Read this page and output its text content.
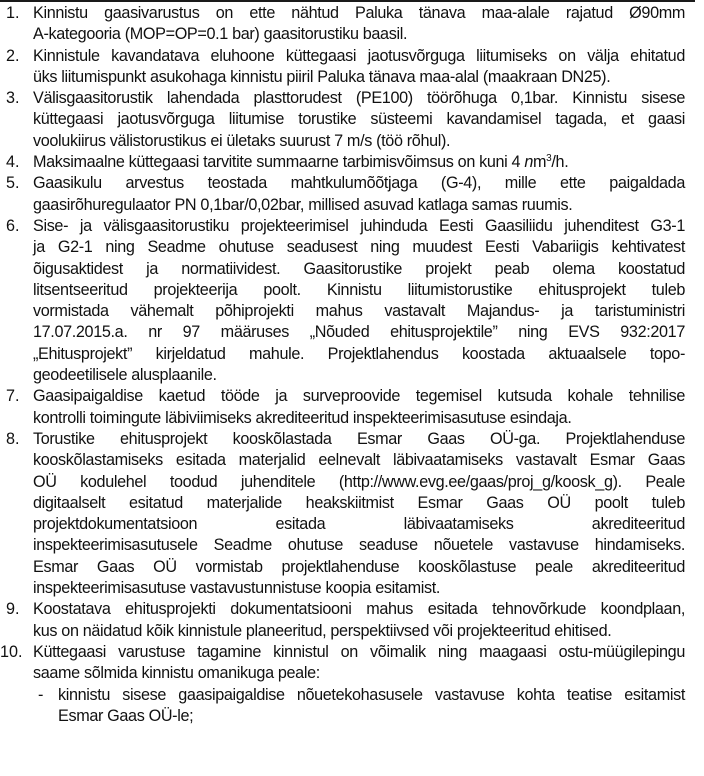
1. Kinnistu gaasivarustus on ette nähtud Paluka tänava maa-alale rajatud Ø90mm
A-kategooria (MOP=OP=0.1 bar) gaasitorustiku baasil.
2. Kinnistule kavandatava eluhoone küttegaasi jaotusvõrguga liitumiseks on välja ehitatud
üks liitumispunkt asukohaga kinnistu piiril Paluka tänava maa-alal (maakraan DN25).
3. Välisgaasitorustik lahendada plasttorudest (PE100) töörõhuga 0,1bar. Kinnistu sisese
küttegaasi jaotusvõrguga liitumise torustike süsteemi kavandamisel tagada, et gaasi
voolukiirus välistorustikus ei ületaks suurust 7 m/s (töö rõhul).
4. Maksimaalne küttegaasi tarvitite summaarne tarbimisvõimsus on kuni 4 $nm^3/h$.
5. Gaasikulu arvestus teostada mahtkulumõõtjaga (G-4), mille ette paigaldada
gaasirõhuregulaator PN 0,1bar/0,02bar, millised asuvad katlaga samas ruumis.
6. Sise- ja välisgaasitorustiku projekteerimisel juhinduda Eesti Gaasiliidu juhenditest G3-1
ja G2-1 ning Seadme ohutuse seadusest ning muudest Eesti Vabariigis kehtivatest
õigusaktidest ja normatiividest. Gaasitorustike projekt peab olema koostatud
litsentseeritud projekteerija poolt. Kinnistu liitumistorustike ehitusprojekt tuleb
vormistada vähemalt põhiprojekti mahus vastavalt Majandus- ja taristuministri
17.07.2015.a. nr 97 määruses „Nõuded ehitusprojektile” ning EVS 932:2017
„Ehitusprojekt” kirjeldatud mahule. Projektlahendus koostada aktuaalsele topo-
geodeetilisele alusplaanile.
7. Gaasipaigaldise kaetud tööde ja surveproovide tegemisel kutsuda kohale tehnilise
kontrolli toimingute läbiviimiseks akrediteeritud inspekteerimisasutuse esindaja.
8. Torustike ehitusprojekt kooskõlastada Esmar Gaas OÜ-ga. Projektlahenduse
kooskõlastamiseks esitada materjalid eelnevalt läbivaatamiseks vastavalt Esmar Gaas
OÜ kodulehel toodud juhenditele (http://www.evg.ee/gaas/proj_g/koosk_g). Peale
digitaalselt esitatud materjalide heakskiitmist Esmar Gaas OÜ poolt tuleb
projektdokumentatsioon esitada läbivaatamiseks akrediteeritud
inspekteerimisasutusele Seadme ohutuse seaduse nõuetele vastavuse hindamiseks.
Esmar Gaas OÜ vormistab projektlahenduse kooskõlastuse peale akrediteeritud
inspekteerimisasutuse vastavustunnistuse koopia esitamist.
9. Koostatava ehitusprojekti dokumentatsiooni mahus esitada tehnovõrkude koondplaan,
kus on näidatud kõik kinnistule planeeritud, perspektiivsed või projekteeritud ehitised.
10. Küttegaasi varustuse tagamine kinnistul on võimalik ning maagaasi ostu-müügilepingu
saame sõlmida kinnistu omanikuga peale:
- kinnistu sisese gaasipaigaldise nõuetekohasusele vastavuse kohta teatise esitamist
Esmar Gaas OÜ-le;
